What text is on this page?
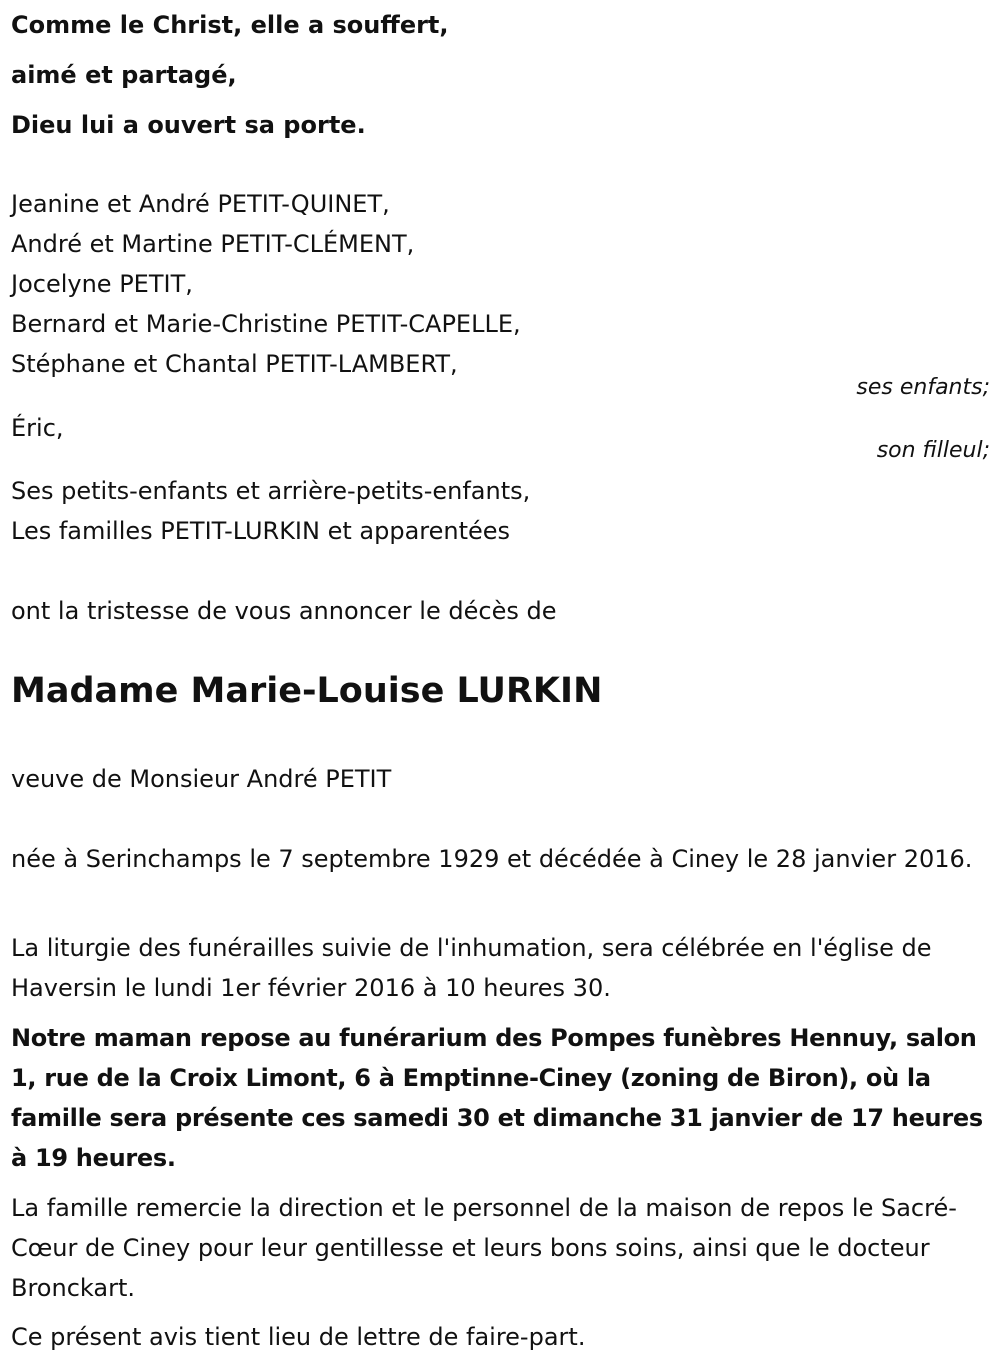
Comme le Christ, elle a souffert,
aimé et partagé,
Dieu lui a ouvert sa porte.
Jeanine et André PETIT-QUINET,
André et Martine PETIT-CLÉMENT,
Jocelyne PETIT,
Bernard et Marie-Christine PETIT-CAPELLE,
Stéphane et Chantal PETIT-LAMBERT,
ses enfants;
Éric,
son filleul;
Ses petits-enfants et arrière-petits-enfants,
Les familles PETIT-LURKIN et apparentées
ont la tristesse de vous annoncer le décès de
Madame Marie-Louise LURKIN
veuve de Monsieur André PETIT
née à Serinchamps le 7 septembre 1929 et décédée à Ciney le 28 janvier 2016.
La liturgie des funérailles suivie de l'inhumation, sera célébrée en l'église de Haversin le lundi 1er février 2016 à 10 heures 30.
Notre maman repose au funérarium des Pompes funèbres Hennuy, salon 1, rue de la Croix Limont, 6 à Emptinne-Ciney (zoning de Biron), où la famille sera présente ces samedi 30 et dimanche 31 janvier de 17 heures à 19 heures.
La famille remercie la direction et le personnel de la maison de repos le Sacré-Cœur de Ciney pour leur gentillesse et leurs bons soins, ainsi que le docteur Bronckart.
Ce présent avis tient lieu de lettre de faire-part.
